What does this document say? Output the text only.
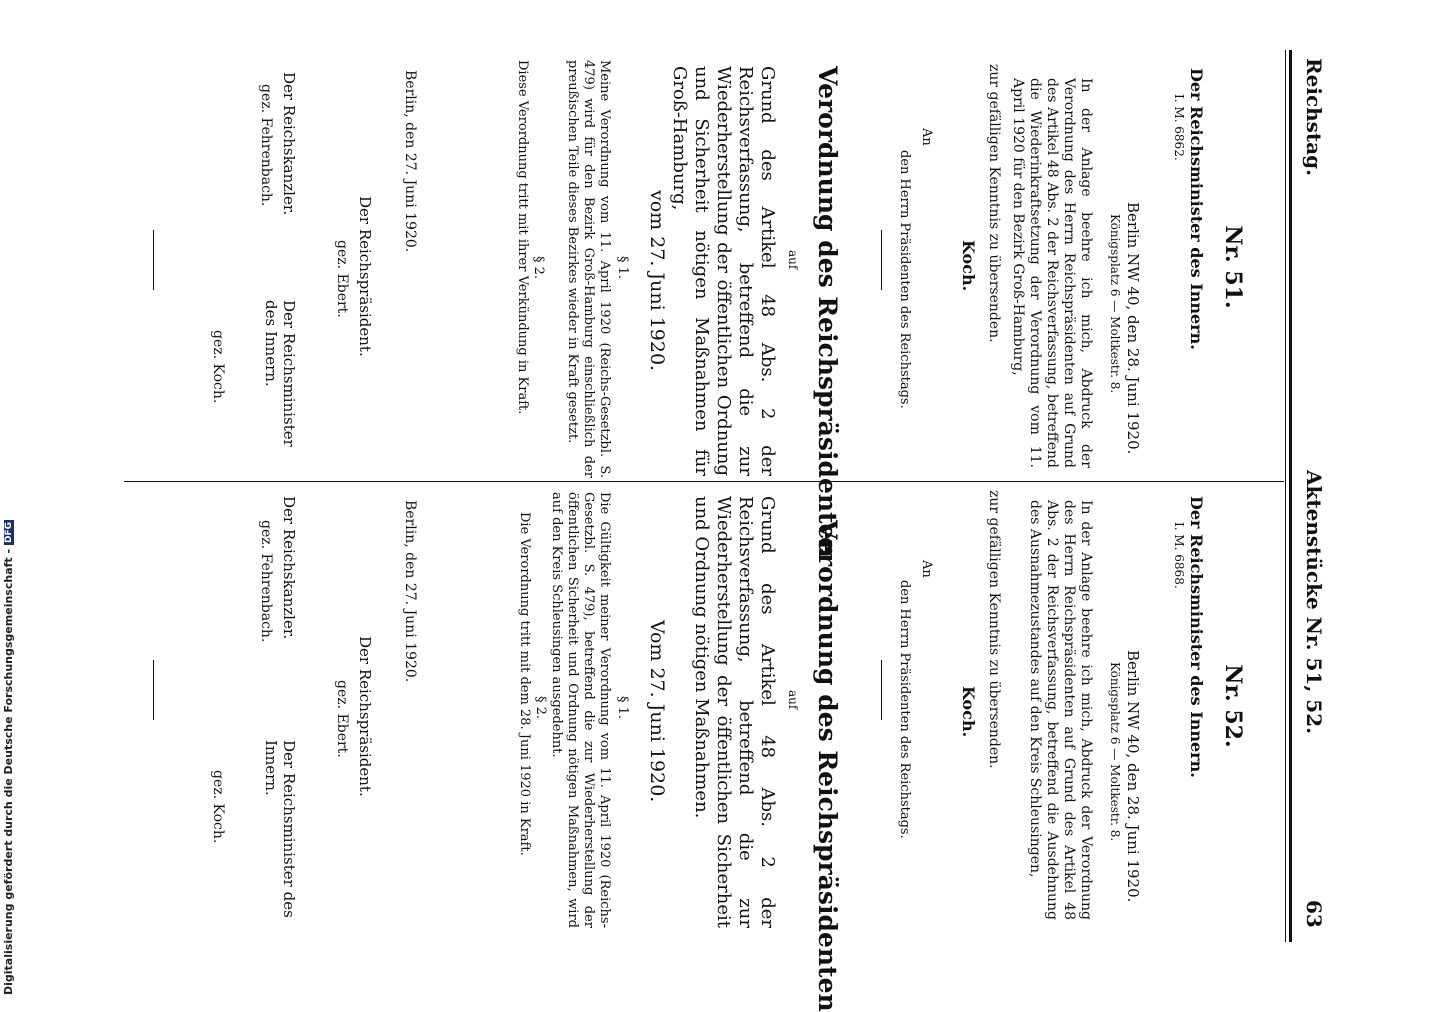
Reichstag.
Aktenstücke Nr. 51, 52.
63
Nr. 51.
Der Reichsminister des Innern.
I. M. 6862.
Berlin NW 40, den 28. Juni 1920.
Königsplatz 6 — Moltkestr. 8.
In der Anlage beehre ich mich, Abdruck der Verordnung des Herrn Reichspräsidenten auf Grund des Artikel 48 Abs. 2 der Reichsverfassung, betreffend die Wiederinkraftsetzung der Verordnung vom 11. April 1920 für den Bezirk Groß-Hamburg,
zur gefälligen Kenntnis zu übersenden.
Koch.
An
den Herrn Präsidenten des Reichstags.
Verordnung des Reichspräsidenten
auf
Grund des Artikel 48 Abs. 2 der Reichsverfassung, betreffend die zur Wiederherstellung der öffentlichen Ordnung und Sicherheit nötigen Maßnahmen für Groß-Hamburg,
vom 27. Juni 1920.
§ 1.
Meine Verordnung vom 11. April 1920 (Reichs-Gesetzbl. S. 479) wird für den Bezirk Groß-Hamburg einschließlich der preußischen Teile dieses Bezirkes wieder in Kraft gesetzt.
§ 2.
Diese Verordnung tritt mit ihrer Verkündung in Kraft.
Berlin, den 27. Juni 1920.
Der Reichspräsident.
gez. Ebert.
Der Reichskanzler.
gez. Fehrenbach.
Der Reichsminister des Innern.
gez. Koch.
Nr. 52.
Der Reichsminister des Innern.
I. M. 6868.
Berlin NW 40, den 28. Juni 1920.
Königsplatz 6 — Moltkestr. 8.
In der Anlage beehre ich mich, Abdruck der Verordnung des Herrn Reichspräsidenten auf Grund des Artikel 48 Abs. 2 der Reichsverfassung, betreffend die Ausdehnung des Ausnahmezustandes auf den Kreis Schleusingen,
zur gefälligen Kenntnis zu übersenden.
Koch.
An
den Herrn Präsidenten des Reichstags.
Verordnung des Reichspräsidenten
auf
Grund des Artikel 48 Abs. 2 der Reichsverfassung, betreffend die zur Wiederherstellung der öffentlichen Sicherheit und Ordnung nötigen Maßnahmen.
Vom 27. Juni 1920.
§ 1.
Die Gültigkeit meiner Verordnung vom 11. April 1920 (Reichs-Gesetzbl. S. 479), betreffend die zur Wiederherstellung der öffentlichen Sicherheit und Ordnung nötigen Maßnahmen, wird auf den Kreis Schleusingen ausgedehnt.
§ 2.
Die Verordnung tritt mit dem 28. Juni 1920 in Kraft.
Berlin, den 27. Juni 1920.
Der Reichspräsident.
gez. Ebert.
Der Reichskanzler.
gez. Fehrenbach.
Der Reichsminister des Innern.
gez. Koch.
Digitalisierung gefördert durch die Deutsche Forschungsgemeinschaft -DFG
